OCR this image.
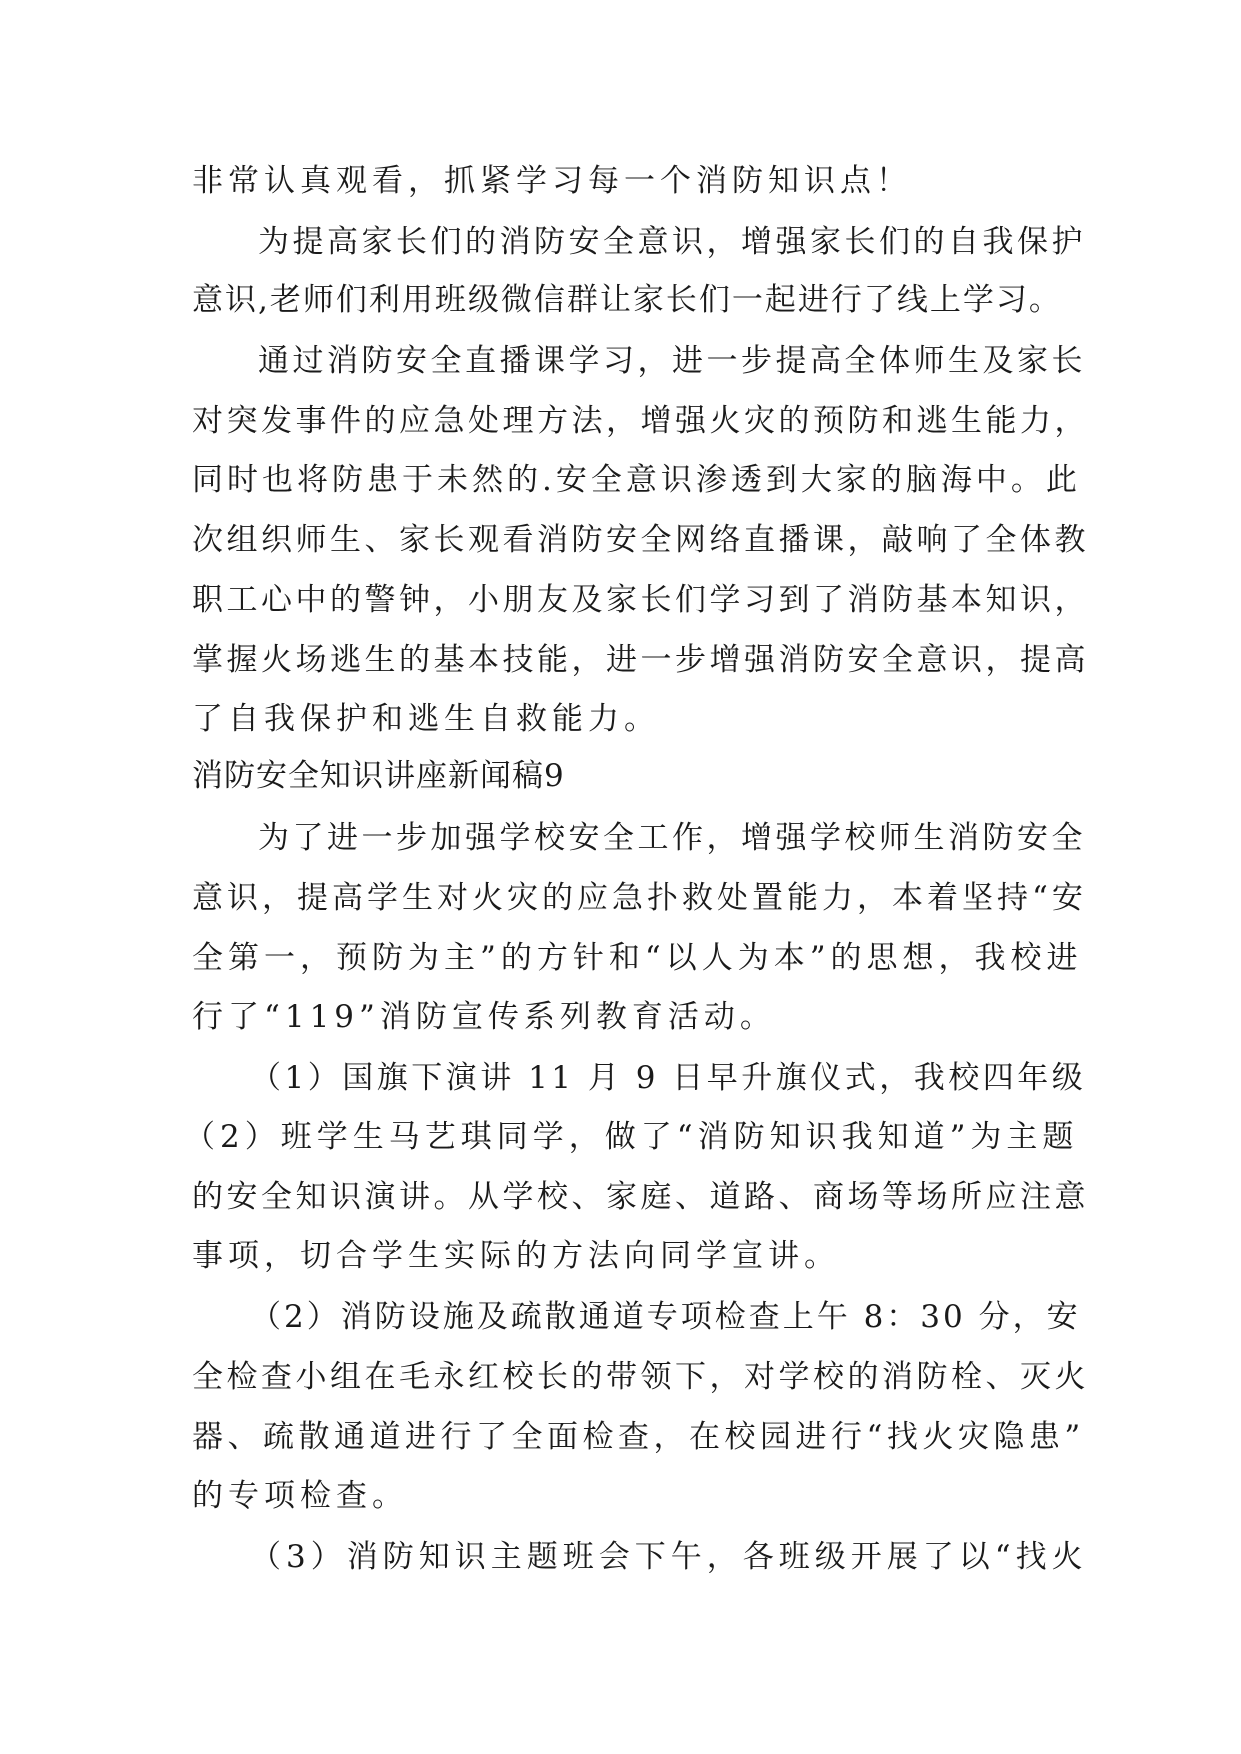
非常认真观看，抓紧学习每一个消防知识点！
为提高家长们的消防安全意识，增强家长们的自我保护
意识,老师们利用班级微信群让家长们一起进行了线上学习。
通过消防安全直播课学习，进一步提高全体师生及家长
对突发事件的应急处理方法，增强火灾的预防和逃生能力，
同时也将防患于未然的.安全意识渗透到大家的脑海中。此
次组织师生、家长观看消防安全网络直播课，敲响了全体教
职工心中的警钟，小朋友及家长们学习到了消防基本知识，
掌握火场逃生的基本技能，进一步增强消防安全意识，提高
了自我保护和逃生自救能力。
消防安全知识讲座新闻稿9
为了进一步加强学校安全工作，增强学校师生消防安全
意识，提高学生对火灾的应急扑救处置能力，本着坚持“安
全第一，预防为主”的方针和“以人为本”的思想，我校进
行了“119”消防宣传系列教育活动。
（1）国旗下演讲 11 月 9 日早升旗仪式，我校四年级
（2）班学生马艺琪同学，做了“消防知识我知道”为主题
的安全知识演讲。从学校、家庭、道路、商场等场所应注意
事项，切合学生实际的方法向同学宣讲。
（2）消防设施及疏散通道专项检查上午 8：30 分，安
全检查小组在毛永红校长的带领下，对学校的消防栓、灭火
器、疏散通道进行了全面检查，在校园进行“找火灾隐患”
的专项检查。
（3）消防知识主题班会下午，各班级开展了以“找火
